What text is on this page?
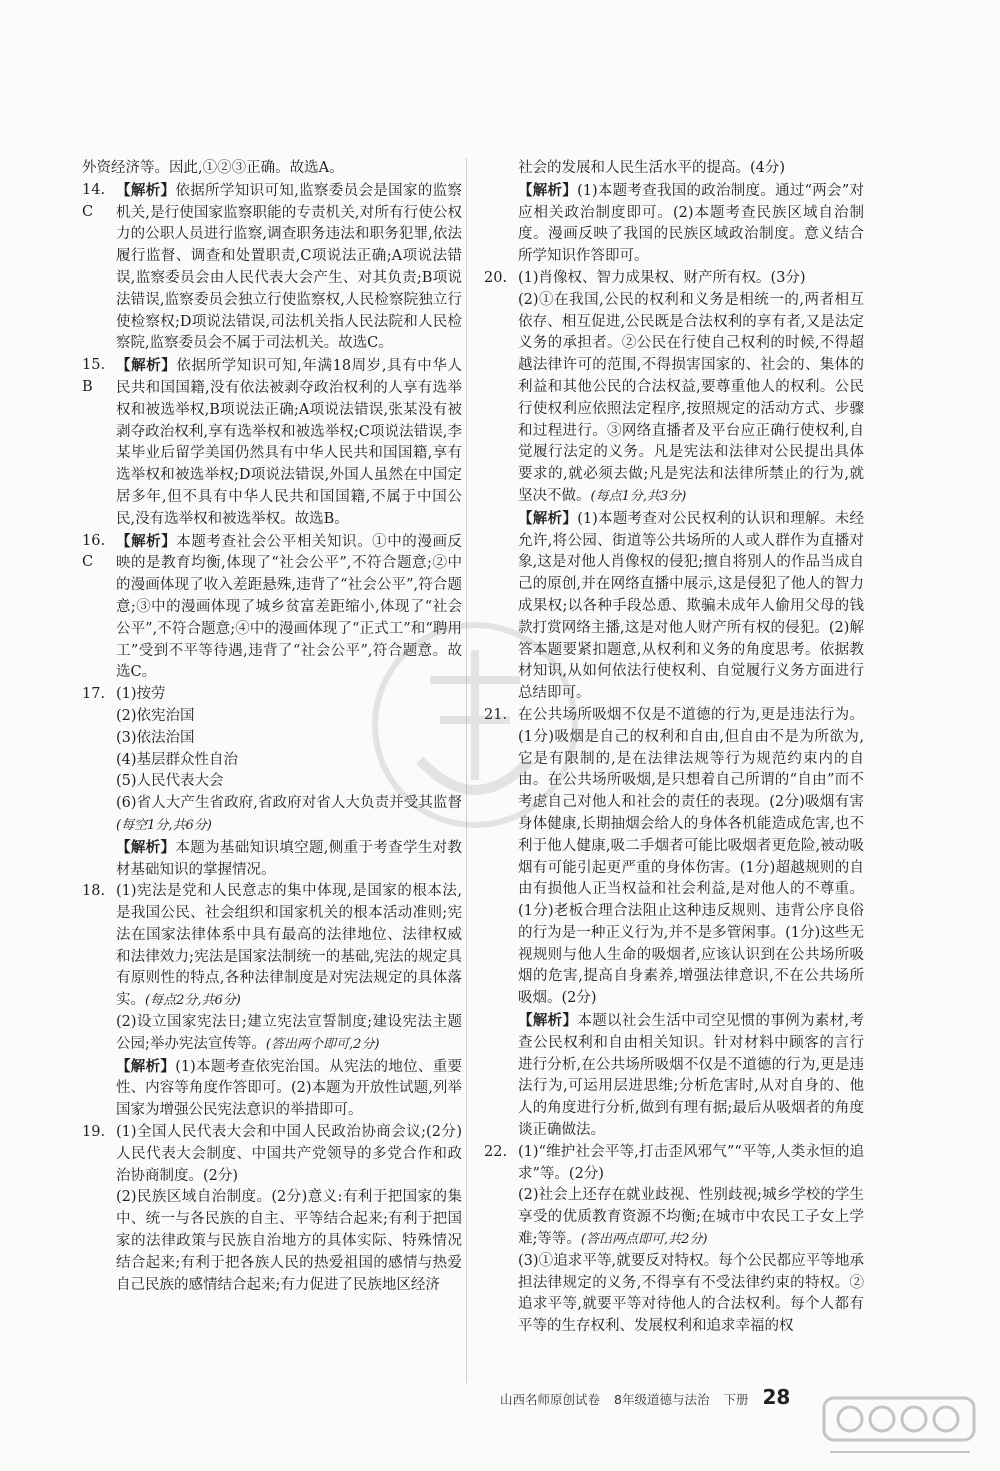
外资经济等。因此,①②③正确。故选A。

14. C
【解析】依据所学知识可知,监察委员会是国家的监察机关,是行使国家监察职能的专责机关,对所有行使公权力的公职人员进行监察,调查职务违法和职务犯罪,依法履行监督、调查和处置职责,C项说法正确;A项说法错误,监察委员会由人民代表大会产生、对其负责;B项说法错误,监察委员会独立行使监察权,人民检察院独立行使检察权;D项说法错误,司法机关指人民法院和人民检察院,监察委员会不属于司法机关。故选C。
15. B
【解析】依据所学知识可知,年满18周岁,具有中华人民共和国国籍,没有依法被剥夺政治权利的人享有选举权和被选举权,B项说法正确;A项说法错误,张某没有被剥夺政治权利,享有选举权和被选举权;C项说法错误,李某毕业后留学美国仍然具有中华人民共和国国籍,享有选举权和被选举权;D项说法错误,外国人虽然在中国定居多年,但不具有中华人民共和国国籍,不属于中国公民,没有选举权和被选举权。故选B。
16. C
【解析】本题考查社会公平相关知识。①中的漫画反映的是教育均衡,体现了“社会公平”,不符合题意;②中的漫画体现了收入差距悬殊,违背了“社会公平”,符合题意;③中的漫画体现了城乡贫富差距缩小,体现了“社会公平”,不符合题意;④中的漫画体现了“正式工”和“聘用工”受到不平等待遇,违背了“社会公平”,符合题意。故选C。
17. (1)按劳

(2)依宪治国

(3)依法治国

(4)基层群众性自治

(5)人民代表大会

(6)省人大产生省政府,省政府对省人大负责并受其监督(每空1分,共6分)

【解析】本题为基础知识填空题,侧重于考查学生对教材基础知识的掌握情况。

18. (1)宪法是党和人民意志的集中体现,是国家的根本法,是我国公民、社会组织和国家机关的根本活动准则;宪法在国家法律体系中具有最高的法律地位、法律权威和法律效力;宪法是国家法制统一的基础,宪法的规定具有原则性的特点,各种法律制度是对宪法规定的具体落实。(每点2分,共6分)

(2)设立国家宪法日;建立宪法宣誓制度;建设宪法主题公园;举办宪法宣传等。(答出两个即可,2分)

【解析】(1)本题考查依宪治国。从宪法的地位、重要性、内容等角度作答即可。(2)本题为开放性试题,列举国家为增强公民宪法意识的举措即可。

19. (1)全国人民代表大会和中国人民政治协商会议;(2分)人民代表大会制度、中国共产党领导的多党合作和政治协商制度。(2分)

(2)民族区域自治制度。(2分)意义:有利于把国家的集中、统一与各民族的自主、平等结合起来;有利于把国家的法律政策与民族自治地方的具体实际、特殊情况结合起来;有利于把各族人民的热爱祖国的感情与热爱自己民族的感情结合起来;有力促进了民族地区经济

社会的发展和人民生活水平的提高。(4分)

【解析】(1)本题考查我国的政治制度。通过“两会”对应相关政治制度即可。(2)本题考查民族区域自治制度。漫画反映了我国的民族区域政治制度。意义结合所学知识作答即可。

20. (1)肖像权、智力成果权、财产所有权。(3分)

(2)①在我国,公民的权利和义务是相统一的,两者相互依存、相互促进,公民既是合法权利的享有者,又是法定义务的承担者。②公民在行使自己权利的时候,不得超越法律许可的范围,不得损害国家的、社会的、集体的利益和其他公民的合法权益,要尊重他人的权利。公民行使权利应依照法定程序,按照规定的活动方式、步骤和过程进行。③网络直播者及平台应正确行使权利,自觉履行法定的义务。凡是宪法和法律对公民提出具体要求的,就必须去做;凡是宪法和法律所禁止的行为,就坚决不做。(每点1分,共3分)

【解析】(1)本题考查对公民权利的认识和理解。未经允许,将公园、街道等公共场所的人或人群作为直播对象,这是对他人肖像权的侵犯;擅自将别人的作品当成自己的原创,并在网络直播中展示,这是侵犯了他人的智力成果权;以各种手段怂恿、欺骗未成年人偷用父母的钱款打赏网络主播,这是对他人财产所有权的侵犯。(2)解答本题要紧扣题意,从权利和义务的角度思考。依据教材知识,从如何依法行使权利、自觉履行义务方面进行总结即可。

21. 在公共场所吸烟不仅是不道德的行为,更是违法行为。(1分)吸烟是自己的权利和自由,但自由不是为所欲为,它是有限制的,是在法律法规等行为规范约束内的自由。在公共场所吸烟,是只想着自己所谓的“自由”而不考虑自己对他人和社会的责任的表现。(2分)吸烟有害身体健康,长期抽烟会给人的身体各机能造成危害,也不利于他人健康,吸二手烟者可能比吸烟者更危险,被动吸烟有可能引起更严重的身体伤害。(1分)超越规则的自由有损他人正当权益和社会利益,是对他人的不尊重。(1分)老板合理合法阻止这种违反规则、违背公序良俗的行为是一种正义行为,并不是多管闲事。(1分)这些无视规则与他人生命的吸烟者,应该认识到在公共场所吸烟的危害,提高自身素养,增强法律意识,不在公共场所吸烟。(2分)

【解析】本题以社会生活中司空见惯的事例为素材,考查公民权利和自由相关知识。针对材料中顾客的言行进行分析,在公共场所吸烟不仅是不道德的行为,更是违法行为,可运用层进思维;分析危害时,从对自身的、他人的角度进行分析,做到有理有据;最后从吸烟者的角度谈正确做法。

22. (1)“维护社会平等,打击歪风邪气”“平等,人类永恒的追求”等。(2分)

(2)社会上还存在就业歧视、性别歧视;城乡学校的学生享受的优质教育资源不均衡;在城市中农民工子女上学难;等等。(答出两点即可,共2分)

(3)①追求平等,就要反对特权。每个公民都应平等地承担法律规定的义务,不得享有不受法律约束的特权。②追求平等,就要平等对待他人的合法权利。每个人都有平等的生存权利、发展权利和追求幸福的权

山西名师原创试卷 8年级道德与法治 下册 28
